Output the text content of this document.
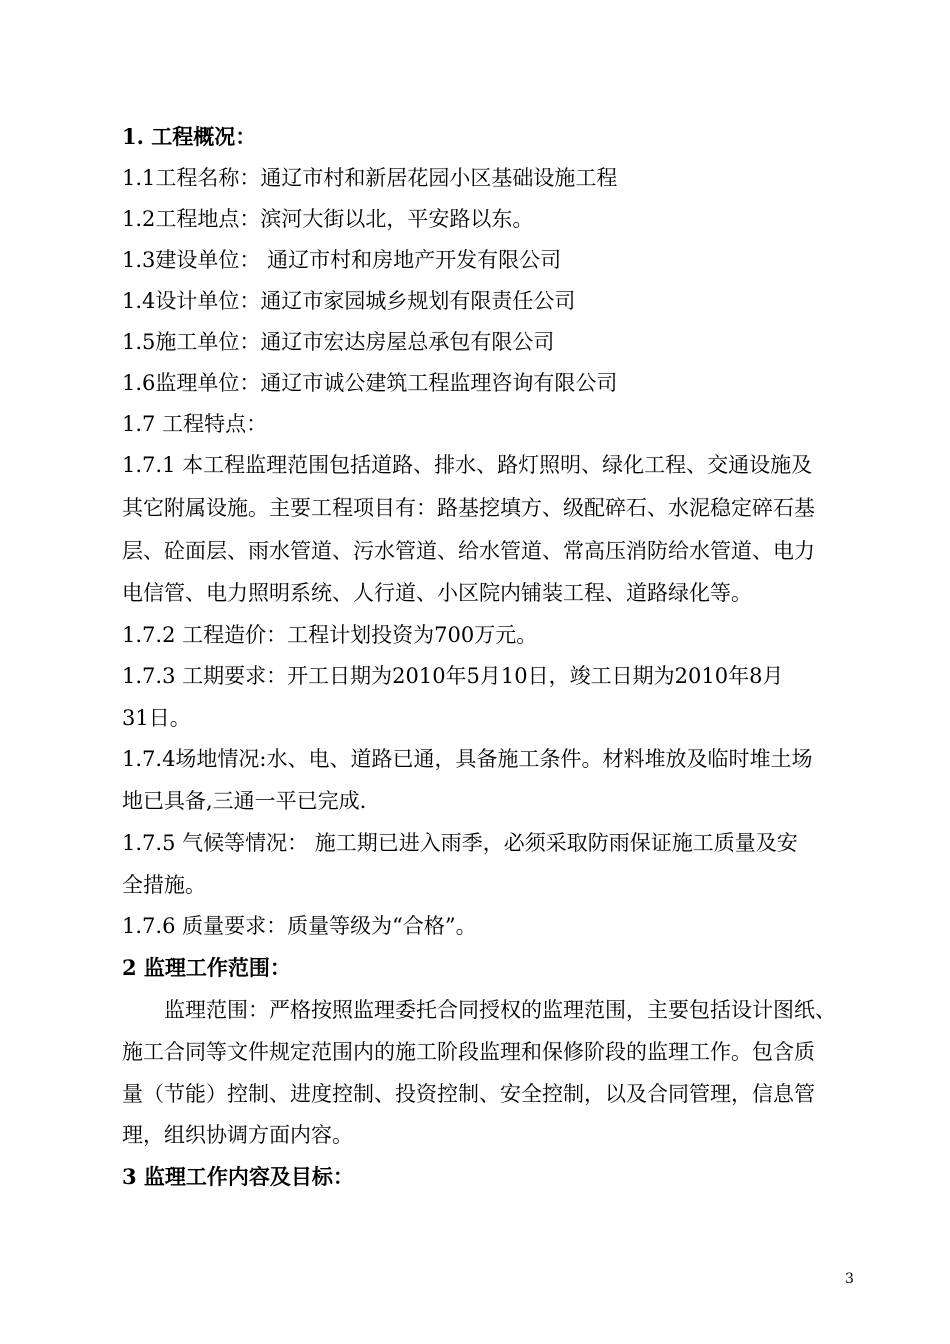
1. 工程概况：
1.1工程名称：通辽市村和新居花园小区基础设施工程
1.2工程地点：滨河大街以北，平安路以东。
1.3建设单位： 通辽市村和房地产开发有限公司
1.4设计单位：通辽市家园城乡规划有限责任公司
1.5施工单位：通辽市宏达房屋总承包有限公司
1.6监理单位：通辽市诚公建筑工程监理咨询有限公司
1.7 工程特点：
1.7.1 本工程监理范围包括道路、排水、路灯照明、绿化工程、交通设施及
其它附属设施。主要工程项目有：路基挖填方、级配碎石、水泥稳定碎石基
层、砼面层、雨水管道、污水管道、给水管道、常高压消防给水管道、电力
电信管、电力照明系统、人行道、小区院内铺装工程、道路绿化等。
1.7.2 工程造价：工程计划投资为700万元。
1.7.3 工期要求：开工日期为2010年5月10日，竣工日期为2010年8月
31日。
1.7.4场地情况:水、电、道路已通，具备施工条件。材料堆放及临时堆土场
地已具备,三通一平已完成.
1.7.5 气候等情况： 施工期已进入雨季，必须采取防雨保证施工质量及安
全措施。
1.7.6 质量要求：质量等级为“合格”。
2 监理工作范围：
监理范围：严格按照监理委托合同授权的监理范围，主要包括设计图纸、
施工合同等文件规定范围内的施工阶段监理和保修阶段的监理工作。包含质
量（节能）控制、进度控制、投资控制、安全控制，以及合同管理，信息管
理，组织协调方面内容。
3 监理工作内容及目标：
3
